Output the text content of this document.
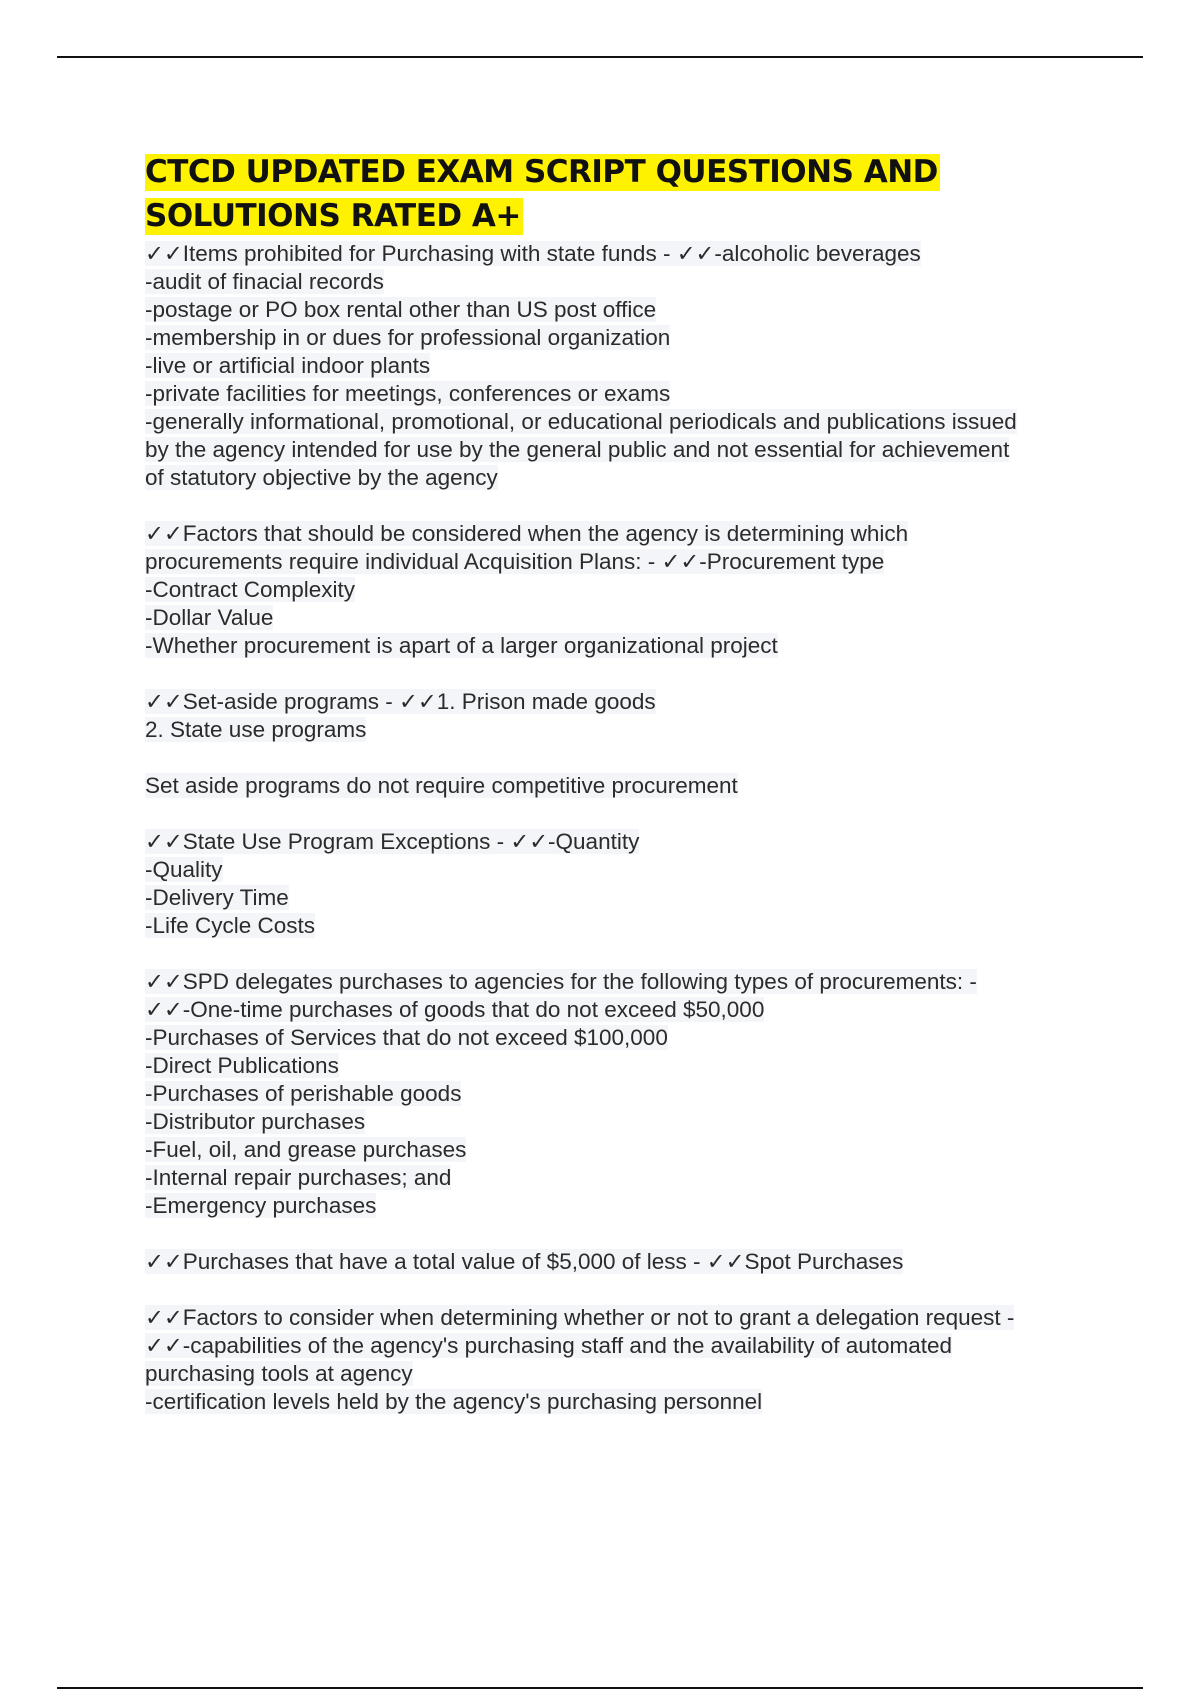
CTCD UPDATED EXAM SCRIPT QUESTIONS AND
SOLUTIONS RATED A+

✓✓Items prohibited for Purchasing with state funds - ✓✓-alcoholic beverages

-audit of finacial records

-postage or PO box rental other than US post office

-membership in or dues for professional organization

-live or artificial indoor plants

-private facilities for meetings, conferences or exams

-generally informational, promotional, or educational periodicals and publications issued

by the agency intended for use by the general public and not essential for achievement

of statutory objective by the agency

✓✓Factors that should be considered when the agency is determining which

procurements require individual Acquisition Plans: - ✓✓-Procurement type

-Contract Complexity

-Dollar Value

-Whether procurement is apart of a larger organizational project

✓✓Set-aside programs - ✓✓1. Prison made goods

2. State use programs

Set aside programs do not require competitive procurement

✓✓State Use Program Exceptions - ✓✓-Quantity

-Quality

-Delivery Time

-Life Cycle Costs

✓✓SPD delegates purchases to agencies for the following types of procurements: -

✓✓-One-time purchases of goods that do not exceed $50,000

-Purchases of Services that do not exceed $100,000

-Direct Publications

-Purchases of perishable goods

-Distributor purchases

-Fuel, oil, and grease purchases

-Internal repair purchases; and

-Emergency purchases

✓✓Purchases that have a total value of $5,000 of less - ✓✓Spot Purchases

✓✓Factors to consider when determining whether or not to grant a delegation request -

✓✓-capabilities of the agency's purchasing staff and the availability of automated

purchasing tools at agency

-certification levels held by the agency's purchasing personnel
